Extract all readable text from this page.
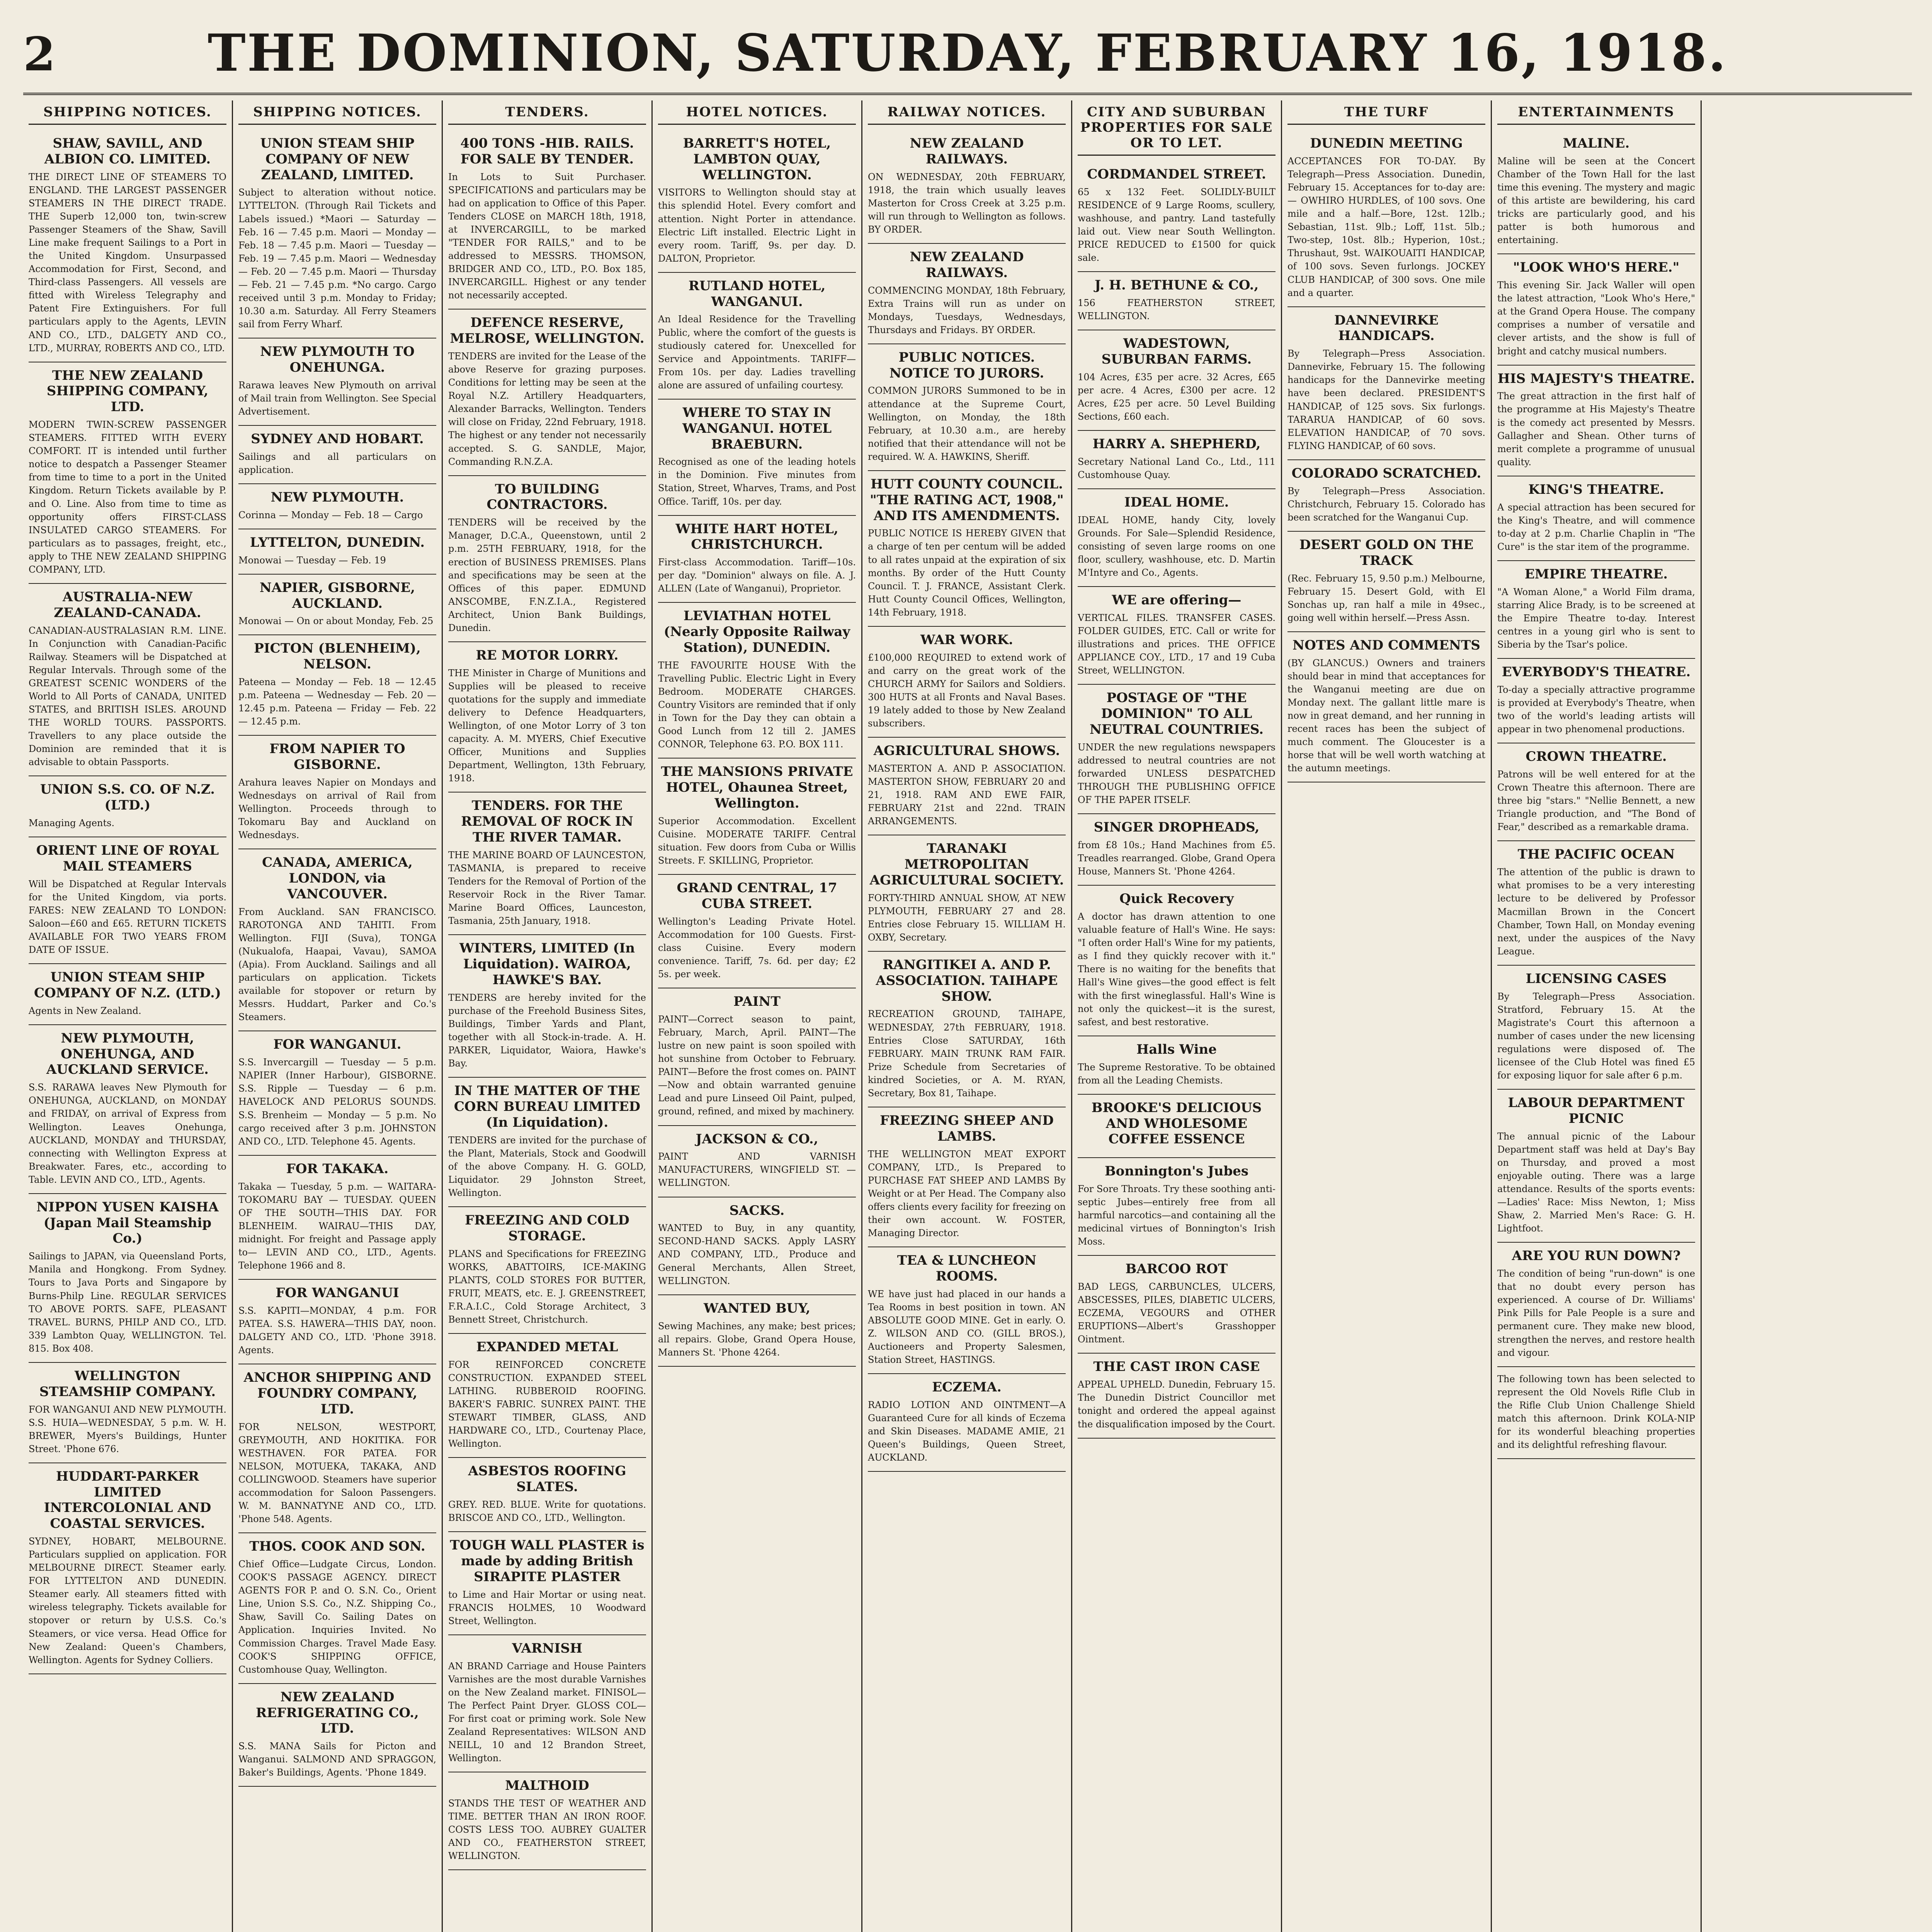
2	THE DOMINION, SATURDAY, FEBRUARY 16, 1918.
SHIPPING NOTICES.
SHAW, SAVILL, AND ALBION CO. LIMITED.
THE DIRECT LINE OF STEAMERS TO ENGLAND. THE LARGEST PASSENGER STEAMERS IN THE DIRECT TRADE. THE Superb 12,000 ton, twin-screw Passenger Steamers of the Shaw, Savill Line make frequent Sailings to a Port in the United Kingdom. Unsurpassed Accommodation for First, Second, and Third-class Passengers. All vessels are fitted with Wireless Telegraphy and Patent Fire Extinguishers. For full particulars apply to the Agents, LEVIN AND CO., LTD., DALGETY AND CO., LTD., MURRAY, ROBERTS AND CO., LTD.
THE NEW ZEALAND SHIPPING COMPANY, LTD.
MODERN TWIN-SCREW PASSENGER STEAMERS. FITTED WITH EVERY COMFORT. IT is intended until further notice to despatch a Passenger Steamer from time to time to a port in the United Kingdom. Return Tickets available by P. and O. Line. Also from time to time as opportunity offers FIRST-CLASS INSULATED CARGO STEAMERS. For particulars as to passages, freight, etc., apply to THE NEW ZEALAND SHIPPING COMPANY, LTD.
AUSTRALIA-NEW ZEALAND-CANADA.
CANADIAN-AUSTRALASIAN R.M. LINE. In Conjunction with Canadian-Pacific Railway. Steamers will be Dispatched at Regular Intervals. Through some of the GREATEST SCENIC WONDERS of the World to All Ports of CANADA, UNITED STATES, and BRITISH ISLES. AROUND THE WORLD TOURS. PASSPORTS. Travellers to any place outside the Dominion are reminded that it is advisable to obtain Passports.
UNION S.S. CO. OF N.Z. (LTD.)
Managing Agents.
ORIENT LINE OF ROYAL MAIL STEAMERS
Will be Dispatched at Regular Intervals for the United Kingdom, via ports. FARES: NEW ZEALAND TO LONDON: Saloon—£60 and £65. RETURN TICKETS AVAILABLE FOR TWO YEARS FROM DATE OF ISSUE.
UNION STEAM SHIP COMPANY OF N.Z. (LTD.)
Agents in New Zealand.
NEW PLYMOUTH, ONEHUNGA, AND AUCKLAND SERVICE.
S.S. RARAWA leaves New Plymouth for ONEHUNGA, AUCKLAND, on MONDAY and FRIDAY, on arrival of Express from Wellington. Leaves Onehunga, AUCKLAND, MONDAY and THURSDAY, connecting with Wellington Express at Breakwater. Fares, etc., according to Table. LEVIN AND CO., LTD., Agents.
NIPPON YUSEN KAISHA (Japan Mail Steamship Co.)
Sailings to JAPAN, via Queensland Ports, Manila and Hongkong. From Sydney. Tours to Java Ports and Singapore by Burns-Philp Line. REGULAR SERVICES TO ABOVE PORTS. SAFE, PLEASANT TRAVEL. BURNS, PHILP AND CO., LTD. 339 Lambton Quay, WELLINGTON. Tel. 815. Box 408.
WELLINGTON STEAMSHIP COMPANY.
FOR WANGANUI AND NEW PLYMOUTH. S.S. HUIA—WEDNESDAY, 5 p.m. W. H. BREWER, Myers's Buildings, Hunter Street. 'Phone 676.
HUDDART-PARKER LIMITED INTERCOLONIAL AND COASTAL SERVICES.
SYDNEY, HOBART, MELBOURNE. Particulars supplied on application. FOR MELBOURNE DIRECT. Steamer early. FOR LYTTELTON AND DUNEDIN. Steamer early. All steamers fitted with wireless telegraphy. Tickets available for stopover or return by U.S.S. Co.'s Steamers, or vice versa. Head Office for New Zealand: Queen's Chambers, Wellington. Agents for Sydney Colliers.
SHIPPING NOTICES.
UNION STEAM SHIP COMPANY OF NEW ZEALAND, LIMITED.
Subject to alteration without notice. LYTTELTON. (Through Rail Tickets and Labels issued.) *Maori — Saturday — Feb. 16 — 7.45 p.m. Maori — Monday — Feb. 18 — 7.45 p.m. Maori — Tuesday — Feb. 19 — 7.45 p.m. Maori — Wednesday — Feb. 20 — 7.45 p.m. Maori — Thursday — Feb. 21 — 7.45 p.m. *No cargo. Cargo received until 3 p.m. Monday to Friday; 10.30 a.m. Saturday. All Ferry Steamers sail from Ferry Wharf.
NEW PLYMOUTH TO ONEHUNGA.
Rarawa leaves New Plymouth on arrival of Mail train from Wellington. See Special Advertisement.
SYDNEY AND HOBART.
Sailings and all particulars on application.
NEW PLYMOUTH.
Corinna — Monday — Feb. 18 — Cargo
LYTTELTON, DUNEDIN.
Monowai — Tuesday — Feb. 19
NAPIER, GISBORNE, AUCKLAND.
Monowai — On or about Monday, Feb. 25
PICTON (BLENHEIM), NELSON.
Pateena — Monday — Feb. 18 — 12.45 p.m. Pateena — Wednesday — Feb. 20 — 12.45 p.m. Pateena — Friday — Feb. 22 — 12.45 p.m.
FROM NAPIER TO GISBORNE.
Arahura leaves Napier on Mondays and Wednesdays on arrival of Rail from Wellington. Proceeds through to Tokomaru Bay and Auckland on Wednesdays.
CANADA, AMERICA, LONDON, via VANCOUVER.
From Auckland. SAN FRANCISCO. RAROTONGA AND TAHITI. From Wellington. FIJI (Suva), TONGA (Nukualofa, Haapai, Vavau), SAMOA (Apia). From Auckland. Sailings and all particulars on application. Tickets available for stopover or return by Messrs. Huddart, Parker and Co.'s Steamers.
FOR WANGANUI.
S.S. Invercargill — Tuesday — 5 p.m. NAPIER (Inner Harbour), GISBORNE. S.S. Ripple — Tuesday — 6 p.m. HAVELOCK AND PELORUS SOUNDS. S.S. Brenheim — Monday — 5 p.m. No cargo received after 3 p.m. JOHNSTON AND CO., LTD. Telephone 45. Agents.
FOR TAKAKA.
Takaka — Tuesday, 5 p.m. — WAITARA-TOKOMARU BAY — TUESDAY. QUEEN OF THE SOUTH—THIS DAY. FOR BLENHEIM. WAIRAU—THIS DAY, midnight. For freight and Passage apply to— LEVIN AND CO., LTD., Agents. Telephone 1966 and 8.
FOR WANGANUI
S.S. KAPITI—MONDAY, 4 p.m. FOR PATEA. S.S. HAWERA—THIS DAY, noon. DALGETY AND CO., LTD. 'Phone 3918. Agents.
ANCHOR SHIPPING AND FOUNDRY COMPANY, LTD.
FOR NELSON, WESTPORT, GREYMOUTH, AND HOKITIKA. FOR WESTHAVEN. FOR PATEA. FOR NELSON, MOTUEKA, TAKAKA, AND COLLINGWOOD. Steamers have superior accommodation for Saloon Passengers. W. M. BANNATYNE AND CO., LTD. 'Phone 548. Agents.
THOS. COOK AND SON.
Chief Office—Ludgate Circus, London. COOK'S PASSAGE AGENCY. DIRECT AGENTS FOR P. and O. S.N. Co., Orient Line, Union S.S. Co., N.Z. Shipping Co., Shaw, Savill Co. Sailing Dates on Application. Inquiries Invited. No Commission Charges. Travel Made Easy. COOK'S SHIPPING OFFICE, Customhouse Quay, Wellington.
NEW ZEALAND REFRIGERATING CO., LTD.
S.S. MANA Sails for Picton and Wanganui. SALMOND AND SPRAGGON, Baker's Buildings, Agents. 'Phone 1849.
TENDERS.
400 TONS -HIB. RAILS. FOR SALE BY TENDER.
In Lots to Suit Purchaser. SPECIFICATIONS and particulars may be had on application to Office of this Paper. Tenders CLOSE on MARCH 18th, 1918, at INVERCARGILL, to be marked "TENDER FOR RAILS," and to be addressed to MESSRS. THOMSON, BRIDGER AND CO., LTD., P.O. Box 185, INVERCARGILL. Highest or any tender not necessarily accepted.
DEFENCE RESERVE, MELROSE, WELLINGTON.
TENDERS are invited for the Lease of the above Reserve for grazing purposes. Conditions for letting may be seen at the Royal N.Z. Artillery Headquarters, Alexander Barracks, Wellington. Tenders will close on Friday, 22nd February, 1918. The highest or any tender not necessarily accepted. S. G. SANDLE, Major, Commanding R.N.Z.A.
TO BUILDING CONTRACTORS.
TENDERS will be received by the Manager, D.C.A., Queenstown, until 2 p.m. 25TH FEBRUARY, 1918, for the erection of BUSINESS PREMISES. Plans and specifications may be seen at the Offices of this paper. EDMUND ANSCOMBE, F.N.Z.I.A., Registered Architect, Union Bank Buildings, Dunedin.
RE MOTOR LORRY.
THE Minister in Charge of Munitions and Supplies will be pleased to receive quotations for the supply and immediate delivery to Defence Headquarters, Wellington, of one Motor Lorry of 3 ton capacity. A. M. MYERS, Chief Executive Officer, Munitions and Supplies Department, Wellington, 13th February, 1918.
TENDERS. FOR THE REMOVAL OF ROCK IN THE RIVER TAMAR.
THE MARINE BOARD OF LAUNCESTON, TASMANIA, is prepared to receive Tenders for the Removal of Portion of the Reservoir Rock in the River Tamar. Marine Board Offices, Launceston, Tasmania, 25th January, 1918.
WINTERS, LIMITED (In Liquidation). WAIROA, HAWKE'S BAY.
TENDERS are hereby invited for the purchase of the Freehold Business Sites, Buildings, Timber Yards and Plant, together with all Stock-in-trade. A. H. PARKER, Liquidator, Waiora, Hawke's Bay.
IN THE MATTER OF THE CORN BUREAU LIMITED (In Liquidation).
TENDERS are invited for the purchase of the Plant, Materials, Stock and Goodwill of the above Company. H. G. GOLD, Liquidator. 29 Johnston Street, Wellington.
FREEZING AND COLD STORAGE.
PLANS and Specifications for FREEZING WORKS, ABATTOIRS, ICE-MAKING PLANTS, COLD STORES FOR BUTTER, FRUIT, MEATS, etc. E. J. GREENSTREET, F.R.A.I.C., Cold Storage Architect, 3 Bennett Street, Christchurch.
EXPANDED METAL
FOR REINFORCED CONCRETE CONSTRUCTION. EXPANDED STEEL LATHING. RUBBEROID ROOFING. BAKER'S FABRIC. SUNREX PAINT. THE STEWART TIMBER, GLASS, AND HARDWARE CO., LTD., Courtenay Place, Wellington.
ASBESTOS ROOFING SLATES.
GREY. RED. BLUE. Write for quotations. BRISCOE AND CO., LTD., Wellington.
TOUGH WALL PLASTER is made by adding British SIRAPITE PLASTER
to Lime and Hair Mortar or using neat. FRANCIS HOLMES, 10 Woodward Street, Wellington.
VARNISH
AN BRAND Carriage and House Painters Varnishes are the most durable Varnishes on the New Zealand market. FINISOL—The Perfect Paint Dryer. GLOSS COL—For first coat or priming work. Sole New Zealand Representatives: WILSON AND NEILL, 10 and 12 Brandon Street, Wellington.
MALTHOID
STANDS THE TEST OF WEATHER AND TIME. BETTER THAN AN IRON ROOF. COSTS LESS TOO. AUBREY GUALTER AND CO., FEATHERSTON STREET, WELLINGTON.
HOTEL NOTICES.
BARRETT'S HOTEL, LAMBTON QUAY, WELLINGTON.
VISITORS to Wellington should stay at this splendid Hotel. Every comfort and attention. Night Porter in attendance. Electric Lift installed. Electric Light in every room. Tariff, 9s. per day. D. DALTON, Proprietor.
RUTLAND HOTEL, WANGANUI.
An Ideal Residence for the Travelling Public, where the comfort of the guests is studiously catered for. Unexcelled for Service and Appointments. TARIFF—From 10s. per day. Ladies travelling alone are assured of unfailing courtesy.
WHERE TO STAY IN WANGANUI. HOTEL BRAEBURN.
Recognised as one of the leading hotels in the Dominion. Five minutes from Station, Street, Wharves, Trams, and Post Office. Tariff, 10s. per day.
WHITE HART HOTEL, CHRISTCHURCH.
First-class Accommodation. Tariff—10s. per day. "Dominion" always on file. A. J. ALLEN (Late of Wanganui), Proprietor.
LEVIATHAN HOTEL (Nearly Opposite Railway Station), DUNEDIN.
THE FAVOURITE HOUSE With the Travelling Public. Electric Light in Every Bedroom. MODERATE CHARGES. Country Visitors are reminded that if only in Town for the Day they can obtain a Good Lunch from 12 till 2. JAMES CONNOR, Telephone 63. P.O. BOX 111.
THE MANSIONS PRIVATE HOTEL, Ohaunea Street, Wellington.
Superior Accommodation. Excellent Cuisine. MODERATE TARIFF. Central situation. Few doors from Cuba or Willis Streets. F. SKILLING, Proprietor.
GRAND CENTRAL, 17 CUBA STREET.
Wellington's Leading Private Hotel. Accommodation for 100 Guests. First-class Cuisine. Every modern convenience. Tariff, 7s. 6d. per day; £2 5s. per week.
PAINT
PAINT—Correct season to paint, February, March, April. PAINT—The lustre on new paint is soon spoiled with hot sunshine from October to February. PAINT—Before the frost comes on. PAINT—Now and obtain warranted genuine Lead and pure Linseed Oil Paint, pulped, ground, refined, and mixed by machinery.
JACKSON & CO.,
PAINT AND VARNISH MANUFACTURERS, WINGFIELD ST. — WELLINGTON.
SACKS.
WANTED to Buy, in any quantity, SECOND-HAND SACKS. Apply LASRY AND COMPANY, LTD., Produce and General Merchants, Allen Street, WELLINGTON.
WANTED BUY,
Sewing Machines, any make; best prices; all repairs. Globe, Grand Opera House, Manners St. 'Phone 4264.
RAILWAY NOTICES.
NEW ZEALAND RAILWAYS.
ON WEDNESDAY, 20th FEBRUARY, 1918, the train which usually leaves Masterton for Cross Creek at 3.25 p.m. will run through to Wellington as follows. BY ORDER.
NEW ZEALAND RAILWAYS.
COMMENCING MONDAY, 18th February, Extra Trains will run as under on Mondays, Tuesdays, Wednesdays, Thursdays and Fridays. BY ORDER.
PUBLIC NOTICES. NOTICE TO JURORS.
COMMON JURORS Summoned to be in attendance at the Supreme Court, Wellington, on Monday, the 18th February, at 10.30 a.m., are hereby notified that their attendance will not be required. W. A. HAWKINS, Sheriff.
HUTT COUNTY COUNCIL. "THE RATING ACT, 1908," AND ITS AMENDMENTS.
PUBLIC NOTICE IS HEREBY GIVEN that a charge of ten per centum will be added to all rates unpaid at the expiration of six months. By order of the Hutt County Council. T. J. FRANCE, Assistant Clerk. Hutt County Council Offices, Wellington, 14th February, 1918.
WAR WORK.
£100,000 REQUIRED to extend work of and carry on the great work of the CHURCH ARMY for Sailors and Soldiers. 300 HUTS at all Fronts and Naval Bases. 19 lately added to those by New Zealand subscribers.
AGRICULTURAL SHOWS.
MASTERTON A. AND P. ASSOCIATION. MASTERTON SHOW, FEBRUARY 20 and 21, 1918. RAM AND EWE FAIR, FEBRUARY 21st and 22nd. TRAIN ARRANGEMENTS.
TARANAKI METROPOLITAN AGRICULTURAL SOCIETY.
FORTY-THIRD ANNUAL SHOW, AT NEW PLYMOUTH, FEBRUARY 27 and 28. Entries close February 15. WILLIAM H. OXBY, Secretary.
RANGITIKEI A. AND P. ASSOCIATION. TAIHAPE SHOW.
RECREATION GROUND, TAIHAPE, WEDNESDAY, 27th FEBRUARY, 1918. Entries Close SATURDAY, 16th FEBRUARY. MAIN TRUNK RAM FAIR. Prize Schedule from Secretaries of kindred Societies, or A. M. RYAN, Secretary, Box 81, Taihape.
FREEZING SHEEP AND LAMBS.
THE WELLINGTON MEAT EXPORT COMPANY, LTD., Is Prepared to PURCHASE FAT SHEEP AND LAMBS By Weight or at Per Head. The Company also offers clients every facility for freezing on their own account. W. FOSTER, Managing Director.
TEA & LUNCHEON ROOMS.
WE have just had placed in our hands a Tea Rooms in best position in town. AN ABSOLUTE GOOD MINE. Get in early. O. Z. WILSON AND CO. (GILL BROS.), Auctioneers and Property Salesmen, Station Street, HASTINGS.
ECZEMA.
RADIO LOTION AND OINTMENT—A Guaranteed Cure for all kinds of Eczema and Skin Diseases. MADAME AMIE, 21 Queen's Buildings, Queen Street, AUCKLAND.
CITY AND SUBURBAN PROPERTIES FOR SALE OR TO LET.
CORDMANDEL STREET.
65 x 132 Feet. SOLIDLY-BUILT RESIDENCE of 9 Large Rooms, scullery, washhouse, and pantry. Land tastefully laid out. View near South Wellington. PRICE REDUCED to £1500 for quick sale.
J. H. BETHUNE & CO.,
156 FEATHERSTON STREET, WELLINGTON.
WADESTOWN, SUBURBAN FARMS.
104 Acres, £35 per acre. 32 Acres, £65 per acre. 4 Acres, £300 per acre. 12 Acres, £25 per acre. 50 Level Building Sections, £60 each.
HARRY A. SHEPHERD,
Secretary National Land Co., Ltd., 111 Customhouse Quay.
IDEAL HOME.
IDEAL HOME, handy City, lovely Grounds. For Sale—Splendid Residence, consisting of seven large rooms on one floor, scullery, washhouse, etc. D. Martin M'Intyre and Co., Agents.
WE are offering—
VERTICAL FILES. TRANSFER CASES. FOLDER GUIDES, ETC. Call or write for illustrations and prices. THE OFFICE APPLIANCE COY., LTD., 17 and 19 Cuba Street, WELLINGTON.
POSTAGE OF "THE DOMINION" TO ALL NEUTRAL COUNTRIES.
UNDER the new regulations newspapers addressed to neutral countries are not forwarded UNLESS DESPATCHED THROUGH THE PUBLISHING OFFICE OF THE PAPER ITSELF.
SINGER DROPHEADS,
from £8 10s.; Hand Machines from £5. Treadles rearranged. Globe, Grand Opera House, Manners St. 'Phone 4264.
Quick Recovery
A doctor has drawn attention to one valuable feature of Hall's Wine. He says: "I often order Hall's Wine for my patients, as I find they quickly recover with it." There is no waiting for the benefits that Hall's Wine gives—the good effect is felt with the first wineglassful. Hall's Wine is not only the quickest—it is the surest, safest, and best restorative.
Halls Wine
The Supreme Restorative. To be obtained from all the Leading Chemists.
BROOKE'S DELICIOUS AND WHOLESOME COFFEE ESSENCE
Bonnington's Jubes
For Sore Throats. Try these soothing anti-septic Jubes—entirely free from all harmful narcotics—and containing all the medicinal virtues of Bonnington's Irish Moss.
BARCOO ROT
BAD LEGS, CARBUNCLES, ULCERS, ABSCESSES, PILES, DIABETIC ULCERS, ECZEMA, VEGOURS and OTHER ERUPTIONS—Albert's Grasshopper Ointment.
THE CAST IRON CASE
APPEAL UPHELD. Dunedin, February 15. The Dunedin District Councillor met tonight and ordered the appeal against the disqualification imposed by the Court.
THE TURF
DUNEDIN MEETING
ACCEPTANCES FOR TO-DAY. By Telegraph—Press Association. Dunedin, February 15. Acceptances for to-day are:— OWHIRO HURDLES, of 100 sovs. One mile and a half.—Bore, 12st. 12lb.; Sebastian, 11st. 9lb.; Loff, 11st. 5lb.; Two-step, 10st. 8lb.; Hyperion, 10st.; Thrushaut, 9st. WAIKOUAITI HANDICAP, of 100 sovs. Seven furlongs. JOCKEY CLUB HANDICAP, of 300 sovs. One mile and a quarter.
DANNEVIRKE HANDICAPS.
By Telegraph—Press Association. Dannevirke, February 15. The following handicaps for the Dannevirke meeting have been declared. PRESIDENT'S HANDICAP, of 125 sovs. Six furlongs. TARARUA HANDICAP, of 60 sovs. ELEVATION HANDICAP, of 70 sovs. FLYING HANDICAP, of 60 sovs.
COLORADO SCRATCHED.
By Telegraph—Press Association. Christchurch, February 15. Colorado has been scratched for the Wanganui Cup.
DESERT GOLD ON THE TRACK
(Rec. February 15, 9.50 p.m.) Melbourne, February 15. Desert Gold, with El Sonchas up, ran half a mile in 49sec., going well within herself.—Press Assn.
NOTES AND COMMENTS
(BY GLANCUS.) Owners and trainers should bear in mind that acceptances for the Wanganui meeting are due on Monday next. The gallant little mare is now in great demand, and her running in recent races has been the subject of much comment. The Gloucester is a horse that will be well worth watching at the autumn meetings.
ENTERTAINMENTS
MALINE.
Maline will be seen at the Concert Chamber of the Town Hall for the last time this evening. The mystery and magic of this artiste are bewildering, his card tricks are particularly good, and his patter is both humorous and entertaining.
"LOOK WHO'S HERE."
This evening Sir. Jack Waller will open the latest attraction, "Look Who's Here," at the Grand Opera House. The company comprises a number of versatile and clever artists, and the show is full of bright and catchy musical numbers.
HIS MAJESTY'S THEATRE.
The great attraction in the first half of the programme at His Majesty's Theatre is the comedy act presented by Messrs. Gallagher and Shean. Other turns of merit complete a programme of unusual quality.
KING'S THEATRE.
A special attraction has been secured for the King's Theatre, and will commence to-day at 2 p.m. Charlie Chaplin in "The Cure" is the star item of the programme.
EMPIRE THEATRE.
"A Woman Alone," a World Film drama, starring Alice Brady, is to be screened at the Empire Theatre to-day. Interest centres in a young girl who is sent to Siberia by the Tsar's police.
EVERYBODY'S THEATRE.
To-day a specially attractive programme is provided at Everybody's Theatre, when two of the world's leading artists will appear in two phenomenal productions.
CROWN THEATRE.
Patrons will be well entered for at the Crown Theatre this afternoon. There are three big "stars." "Nellie Bennett, a new Triangle production, and "The Bond of Fear," described as a remarkable drama.
THE PACIFIC OCEAN
The attention of the public is drawn to what promises to be a very interesting lecture to be delivered by Professor Macmillan Brown in the Concert Chamber, Town Hall, on Monday evening next, under the auspices of the Navy League.
LICENSING CASES
By Telegraph—Press Association. Stratford, February 15. At the Magistrate's Court this afternoon a number of cases under the new licensing regulations were disposed of. The licensee of the Club Hotel was fined £5 for exposing liquor for sale after 6 p.m.
LABOUR DEPARTMENT PICNIC
The annual picnic of the Labour Department staff was held at Day's Bay on Thursday, and proved a most enjoyable outing. There was a large attendance. Results of the sports events:—Ladies' Race: Miss Newton, 1; Miss Shaw, 2. Married Men's Race: G. H. Lightfoot.
ARE YOU RUN DOWN?
The condition of being "run-down" is one that no doubt every person has experienced. A course of Dr. Williams' Pink Pills for Pale People is a sure and permanent cure. They make new blood, strengthen the nerves, and restore health and vigour.
The following town has been selected to represent the Old Novels Rifle Club in the Rifle Club Union Challenge Shield match this afternoon. Drink KOLA-NIP for its wonderful bleaching properties and its delightful refreshing flavour.
